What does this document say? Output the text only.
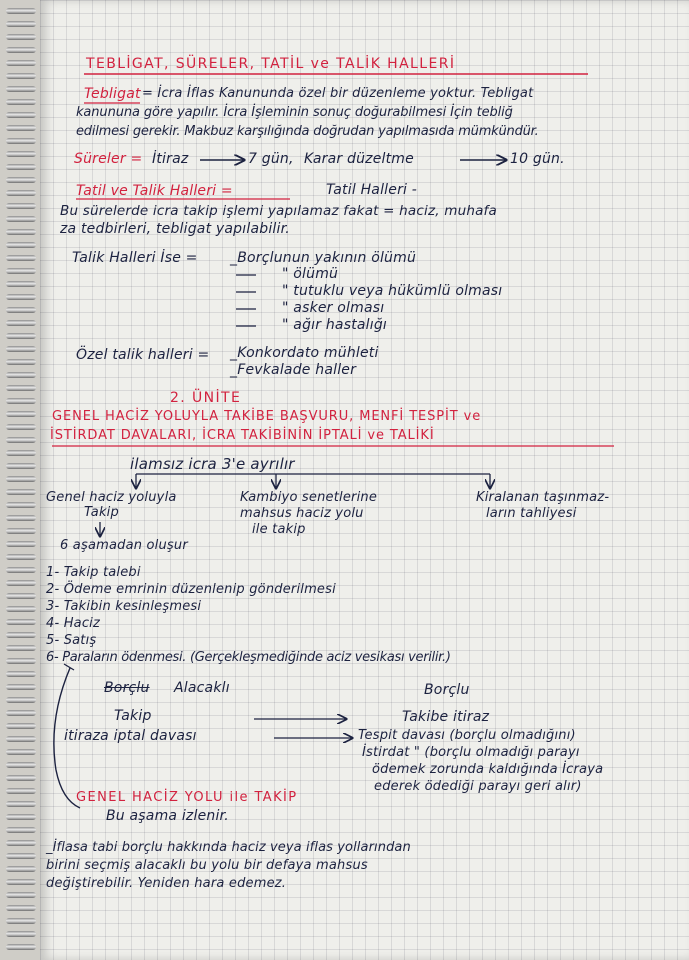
TEBLİGAT, SÜRELER, TATİL ve TALİK HALLERİ
Tebligat = İcra İflas Kanununda özel bir düzenleme yoktur. Tebligat
kanununa göre yapılır. İcra İşleminin sonuç doğurabilmesi İçin tebliğ
edilmesi gerekir. Makbuz karşılığında doğrudan yapılmasıda mümkündür.
Süreler = İtiraz	7 gün, Karar düzeltme	10 gün.
Tatil ve Talik Halleri =	Tatil Halleri -
Bu sürelerde icra takip işlemi yapılamaz fakat = haciz, muhafa
za tedbirleri, tebligat yapılabilir.
Talik Halleri İse = _Borçlunun yakının ölümü
" ölümü
" tutuklu veya hükümlü olması
" asker olması
" ağır hastalığı
Özel talik halleri = _Konkordato mühleti
_Fevkalade haller
2. ÜNİTE
GENEL HACİZ YOLUYLA TAKİBE BAŞVURU, MENFİ TESPİT ve
İSTİRDAT DAVALARI, İCRA TAKİBİNİN İPTALİ ve TALİKİ
ilamsız icra 3'e ayrılır
Genel haciz yoluyla
Takip
Kambiyo senetlerine
mahsus haciz yolu
ile takip
Kiralanan taşınmaz-
ların tahliyesi
6 aşamadan oluşur
1- Takip talebi
2- Ödeme emrinin düzenlenip gönderilmesi
3- Takibin kesinleşmesi
4- Haciz
5- Satış
6- Paraların ödenmesi. (Gerçekleşmediğinde aciz vesikası verilir.)
Borçlu Alacaklı	Borçlu
Takip	Takibe itiraz
itiraza iptal davası	Tespit davası (borçlu olmadığını)
İstirdat " (borçlu olmadığı parayı
ödemek zorunda kaldığında İcraya
ederek ödediği parayı geri alır)
GENEL HACİZ YOLU ile TAKİP
Bu aşama izlenir.
_İflasa tabi borçlu hakkında haciz veya iflas yollarından
birini seçmiş alacaklı bu yolu bir defaya mahsus
değiştirebilir. Yeniden hara edemez.
